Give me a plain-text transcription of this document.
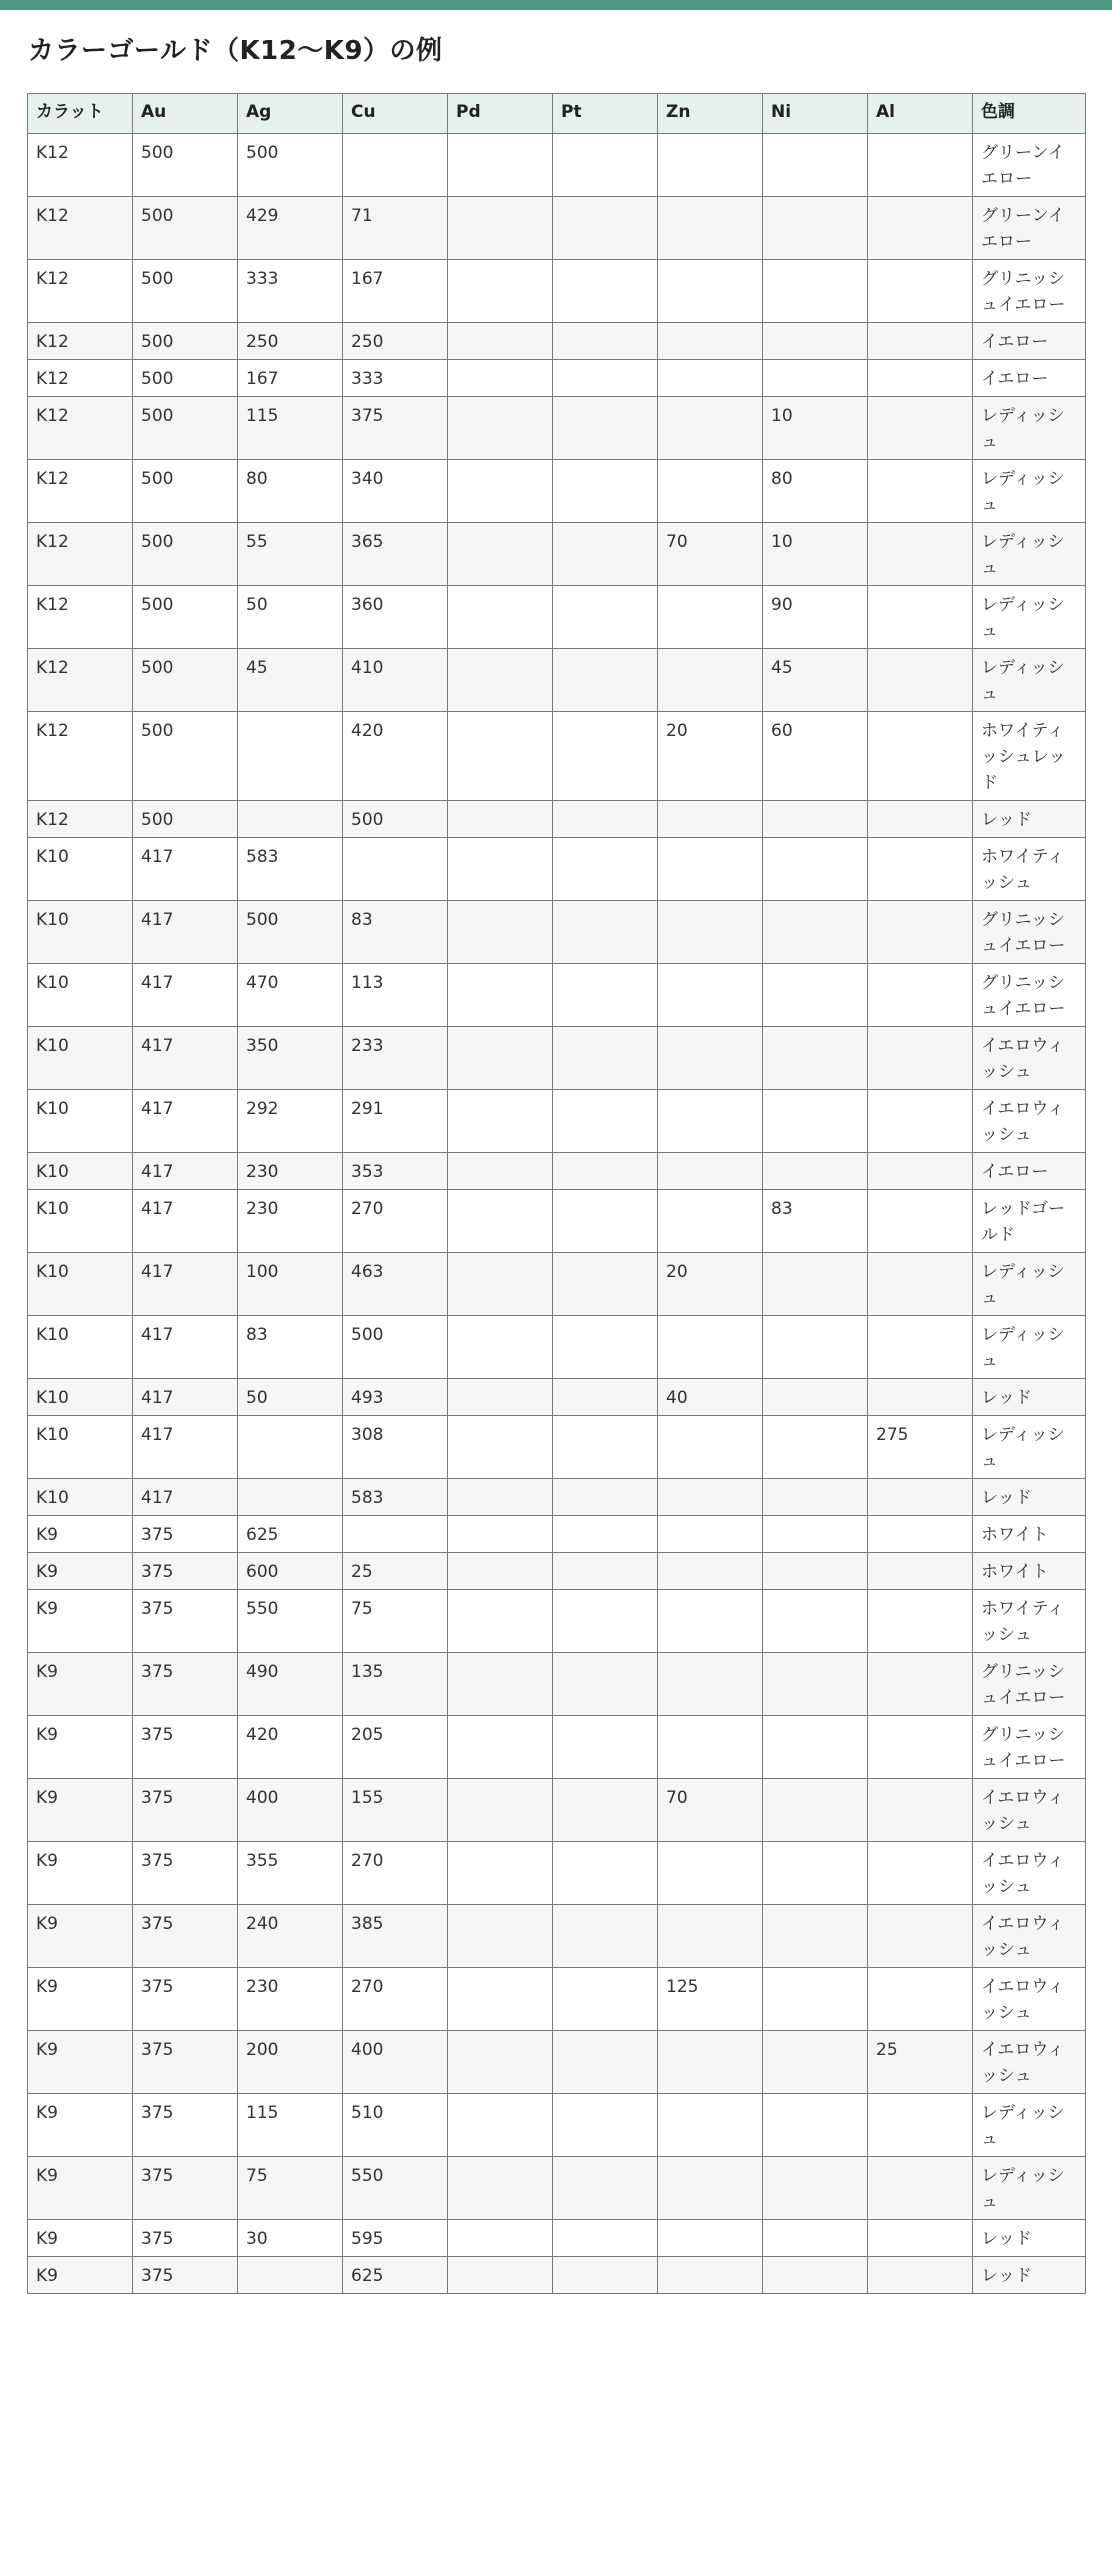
カラーゴールド（K12〜K9）の例
カラット	Au	Ag	Cu	Pd	Pt	Zn	Ni	Al	色調
K12	500	500							グリーンイエロー
K12	500	429	71						グリーンイエロー
K12	500	333	167						グリニッシュイエロー
K12	500	250	250						イエロー
K12	500	167	333						イエロー
K12	500	115	375				10		レディッシュ
K12	500	80	340				80		レディッシュ
K12	500	55	365			70	10		レディッシュ
K12	500	50	360				90		レディッシュ
K12	500	45	410				45		レディッシュ
K12	500		420			20	60		ホワイティッシュレッド
K12	500		500						レッド
K10	417	583							ホワイティッシュ
K10	417	500	83						グリニッシュイエロー
K10	417	470	113						グリニッシュイエロー
K10	417	350	233						イエロウィッシュ
K10	417	292	291						イエロウィッシュ
K10	417	230	353						イエロー
K10	417	230	270				83		レッドゴールド
K10	417	100	463			20			レディッシュ
K10	417	83	500						レディッシュ
K10	417	50	493			40			レッド
K10	417		308					275	レディッシュ
K10	417		583						レッド
K9	375	625							ホワイト
K9	375	600	25						ホワイト
K9	375	550	75						ホワイティッシュ
K9	375	490	135						グリニッシュイエロー
K9	375	420	205						グリニッシュイエロー
K9	375	400	155			70			イエロウィッシュ
K9	375	355	270						イエロウィッシュ
K9	375	240	385						イエロウィッシュ
K9	375	230	270			125			イエロウィッシュ
K9	375	200	400					25	イエロウィッシュ
K9	375	115	510						レディッシュ
K9	375	75	550						レディッシュ
K9	375	30	595						レッド
K9	375		625						レッド
